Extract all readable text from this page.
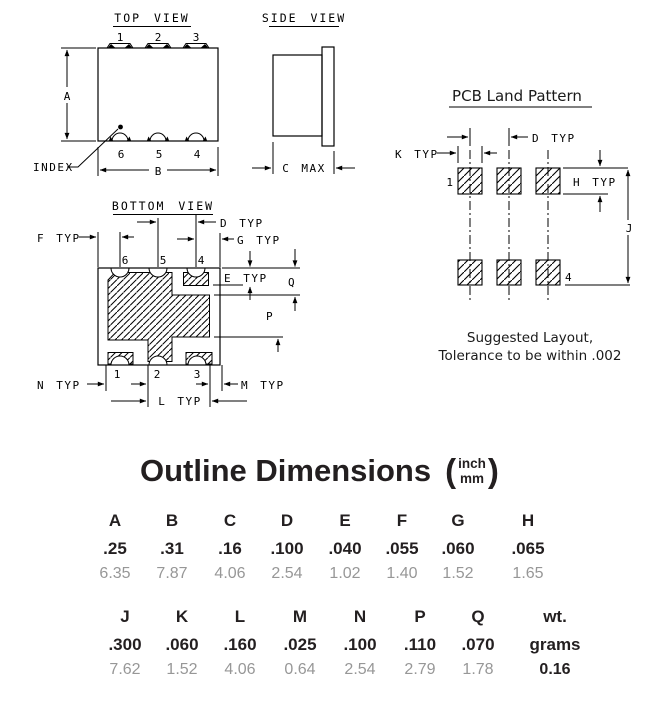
TOP VIEW
1	2	3
6	5	4
A
B
INDEX
SIDE VIEW
C MAX
BOTTOM VIEW
F TYP
D TYP
G TYP
6	5	4
E TYP Q
P
1	2	3
N TYP	M TYP
L TYP
PCB Land Pattern
D TYP
K TYP
1
4
H TYP
J
Suggested Layout,
Tolerance to be within .002
Outline Dimensions ( inch
mm )
A	B	C	D	E	F	G	H
.25 .31 .16 .100 .040 .055 .060 .065
6.35 7.87 4.06 2.54 1.02 1.40 1.52 1.65
J	K	L	M	N	P	Q	wt.
.300 .060 .160 .025 .100 .110 .070 grams
7.62 1.52 4.06 0.64 2.54 2.79 1.78	0.16
